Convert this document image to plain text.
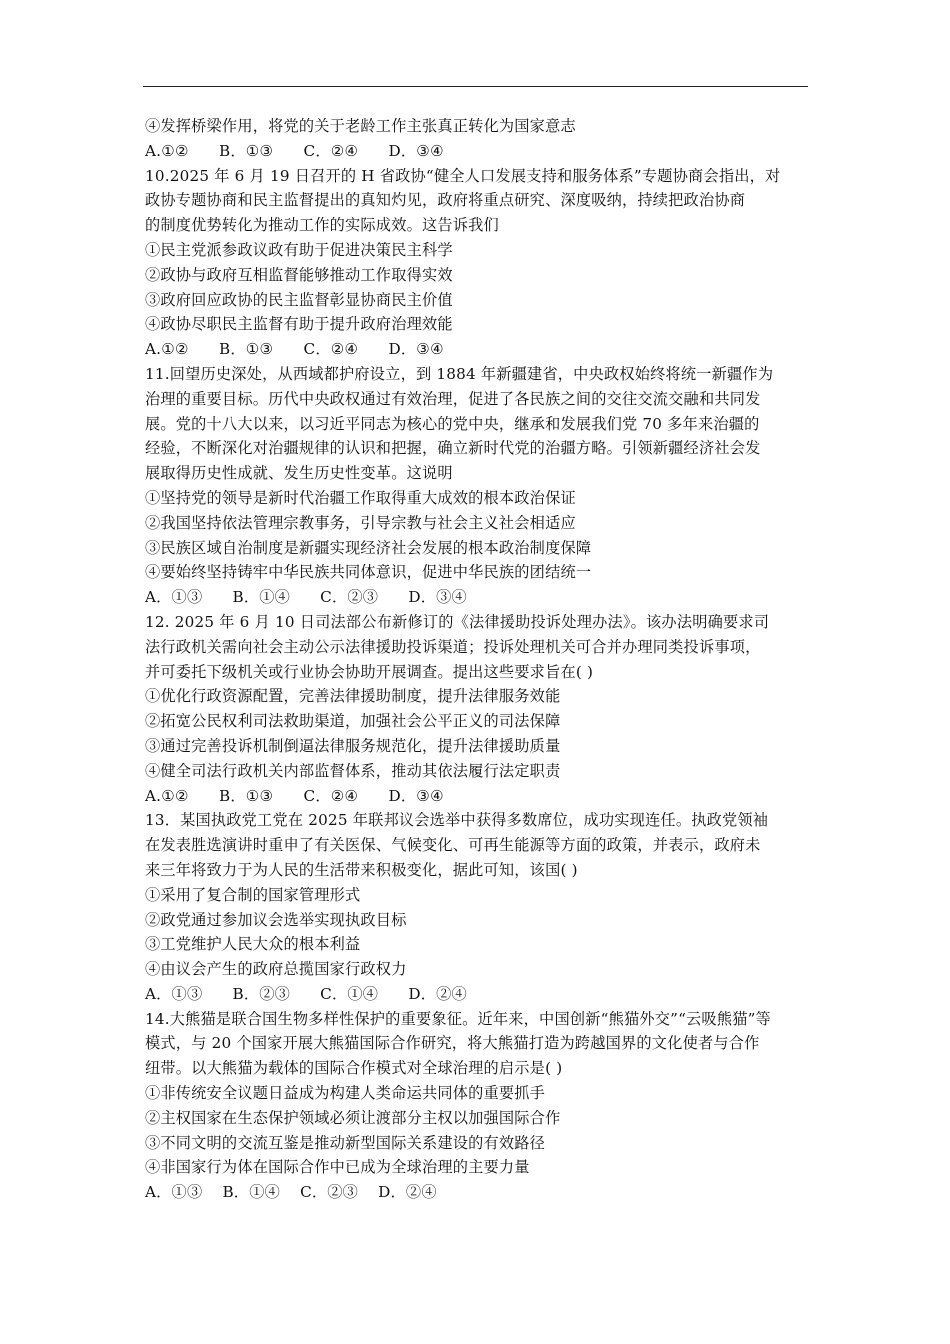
④发挥桥梁作用，将党的关于老龄工作主张真正转化为国家意志
A.①②      B．①③      C．②④      D．③④
10.2025 年 6 月 19 日召开的 H 省政协“健全人口发展支持和服务体系”专题协商会指出，对
政协专题协商和民主监督提出的真知灼见，政府将重点研究、深度吸纳，持续把政治协商
的制度优势转化为推动工作的实际成效。这告诉我们
①民主党派参政议政有助于促进决策民主科学
②政协与政府互相监督能够推动工作取得实效
③政府回应政协的民主监督彰显协商民主价值
④政协尽职民主监督有助于提升政府治理效能
A.①②      B．①③      C．②④      D．③④
11.回望历史深处，从西域都护府设立，到 1884 年新疆建省，中央政权始终将统一新疆作为
治理的重要目标。历代中央政权通过有效治理，促进了各民族之间的交往交流交融和共同发
展。党的十八大以来，以习近平同志为核心的党中央，继承和发展我们党 70 多年来治疆的
经验，不断深化对治疆规律的认识和把握，确立新时代党的治疆方略。引领新疆经济社会发
展取得历史性成就、发生历史性变革。这说明
①坚持党的领导是新时代治疆工作取得重大成效的根本政治保证
②我国坚持依法管理宗教事务，引导宗教与社会主义社会相适应
③民族区域自治制度是新疆实现经济社会发展的根本政治制度保障
④要始终坚持铸牢中华民族共同体意识，促进中华民族的团结统一
A．①③      B．①④      C．②③      D．③④
12. 2025 年 6 月 10 日司法部公布新修订的《法律援助投诉处理办法》。该办法明确要求司
法行政机关需向社会主动公示法律援助投诉渠道；投诉处理机关可合并办理同类投诉事项，
并可委托下级机关或行业协会协助开展调查。提出这些要求旨在( )
①优化行政资源配置，完善法律援助制度，提升法律服务效能
②拓宽公民权利司法救助渠道，加强社会公平正义的司法保障
③通过完善投诉机制倒逼法律服务规范化，提升法律援助质量
④健全司法行政机关内部监督体系，推动其依法履行法定职责
A.①②      B．①③      C．②④      D．③④
13．某国执政党工党在 2025 年联邦议会选举中获得多数席位，成功实现连任。执政党领袖
在发表胜选演讲时重申了有关医保、气候变化、可再生能源等方面的政策，并表示，政府未
来三年将致力于为人民的生活带来积极变化，据此可知，该国( )
①采用了复合制的国家管理形式
②政党通过参加议会选举实现执政目标
③工党维护人民大众的根本利益
④由议会产生的政府总揽国家行政权力
A．①③      B．②③      C．①④      D．②④
14.大熊猫是联合国生物多样性保护的重要象征。近年来，中国创新“熊猫外交”“云吸熊猫”等
模式，与 20 个国家开展大熊猫国际合作研究，将大熊猫打造为跨越国界的文化使者与合作
纽带。以大熊猫为载体的国际合作模式对全球治理的启示是( )
①非传统安全议题日益成为构建人类命运共同体的重要抓手
②主权国家在生态保护领域必须让渡部分主权以加强国际合作
③不同文明的交流互鉴是推动新型国际关系建设的有效路径
④非国家行为体在国际合作中已成为全球治理的主要力量
A．①③    B．①④    C．②③    D．②④
